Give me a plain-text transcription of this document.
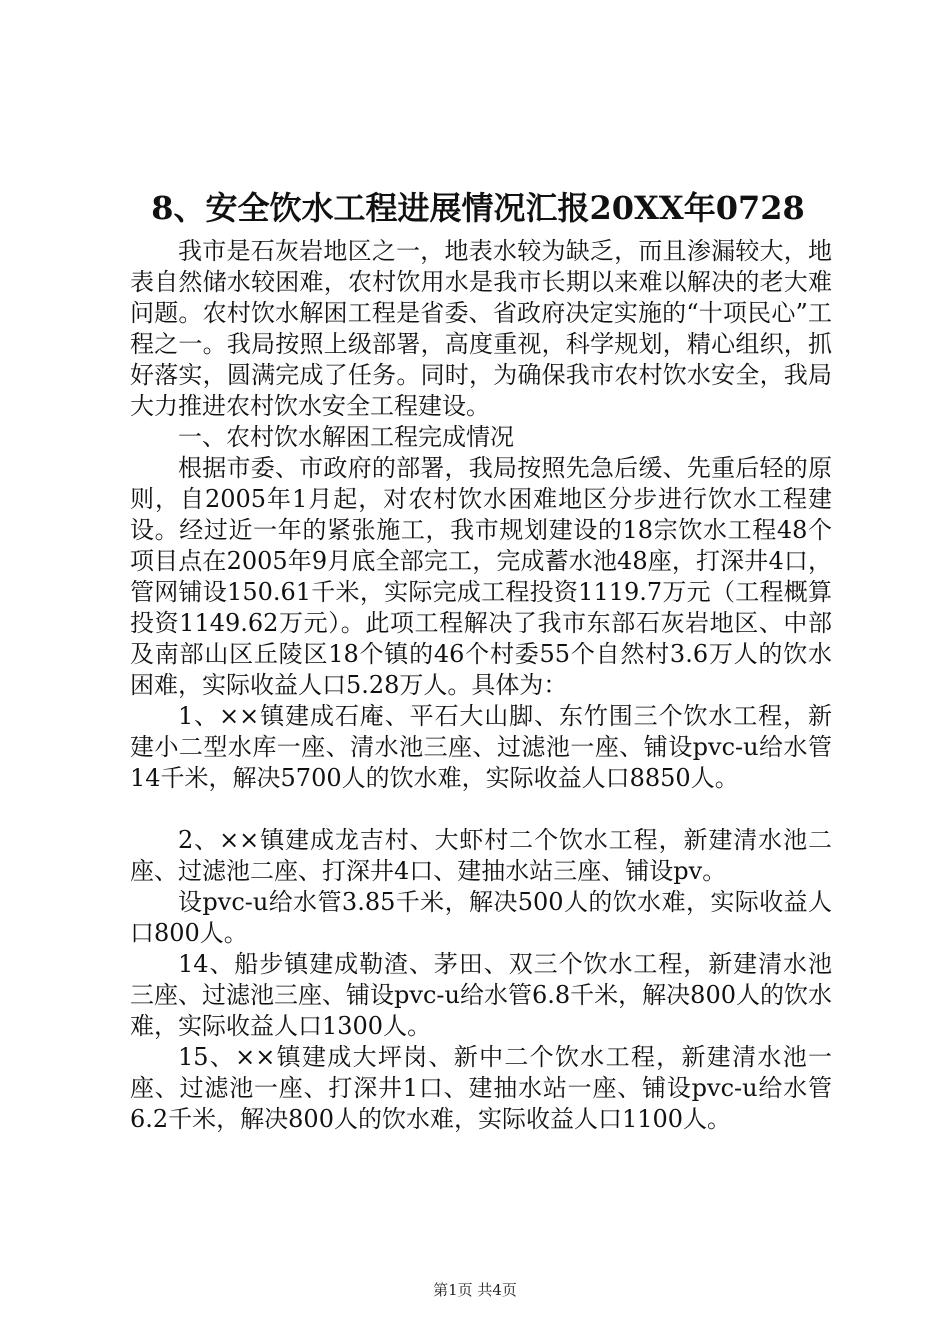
8、安全饮水工程进展情况汇报20XX年0728

我市是石灰岩地区之一，地表水较为缺乏，而且渗漏较大，地表自然储水较困难，农村饮用水是我市长期以来难以解决的老大难问题。农村饮水解困工程是省委、省政府决定实施的“十项民心”工程之一。我局按照上级部署，高度重视，科学规划，精心组织，抓好落实，圆满完成了任务。同时，为确保我市农村饮水安全，我局大力推进农村饮水安全工程建设。

一、农村饮水解困工程完成情况

根据市委、市政府的部署，我局按照先急后缓、先重后轻的原则，自2005年1月起，对农村饮水困难地区分步进行饮水工程建设。经过近一年的紧张施工，我市规划建设的18宗饮水工程48个项目点在2005年9月底全部完工，完成蓄水池48座，打深井4口，管网铺设150.61千米，实际完成工程投资1119.7万元（工程概算投资1149.62万元）。此项工程解决了我市东部石灰岩地区、中部及南部山区丘陵区18个镇的46个村委55个自然村3.6万人的饮水困难，实际收益人口5.28万人。具体为：

1、××镇建成石庵、平石大山脚、东竹围三个饮水工程，新建小二型水库一座、清水池三座、过滤池一座、铺设pvc-u给水管14千米，解决5700人的饮水难，实际收益人口8850人。

2、××镇建成龙吉村、大虾村二个饮水工程，新建清水池二座、过滤池二座、打深井4口、建抽水站三座、铺设pv。

设pvc-u给水管3.85千米，解决500人的饮水难，实际收益人口800人。

14、船步镇建成勒渣、茅田、双三个饮水工程，新建清水池三座、过滤池三座、铺设pvc-u给水管6.8千米，解决800人的饮水难，实际收益人口1300人。

15、××镇建成大坪岗、新中二个饮水工程，新建清水池一座、过滤池一座、打深井1口、建抽水站一座、铺设pvc-u给水管6.2千米，解决800人的饮水难，实际收益人口1100人。

第1页 共4页
